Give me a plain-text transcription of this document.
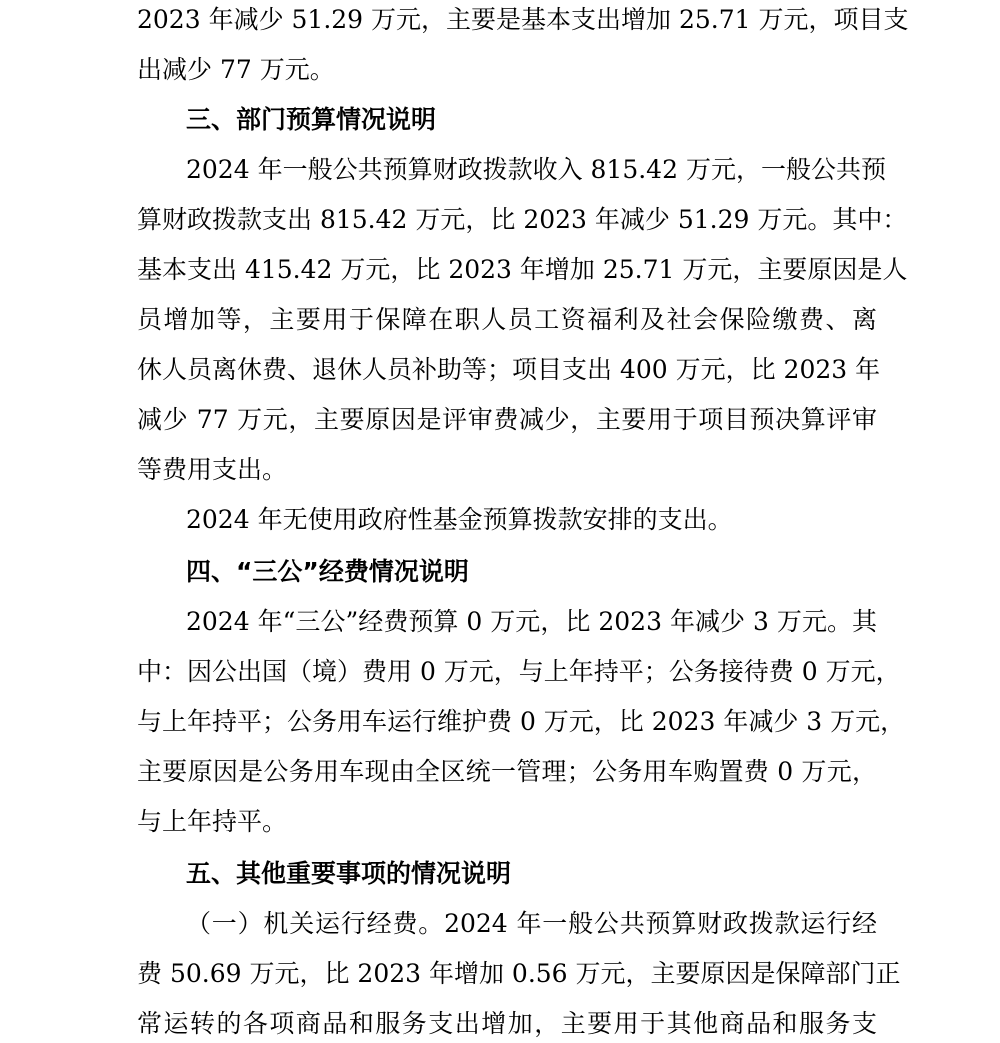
2023 年减少 51.29 万元，主要是基本支出增加 25.71 万元，项目支
出减少 77 万元。
三、部门预算情况说明
2024 年一般公共预算财政拨款收入 815.42 万元，一般公共预
算财政拨款支出 815.42 万元，比 2023 年减少 51.29 万元。其中：
基本支出 415.42 万元，比 2023 年增加 25.71 万元，主要原因是人
员增加等，主要用于保障在职人员工资福利及社会保险缴费、离
休人员离休费、退休人员补助等；项目支出 400 万元，比 2023 年
减少 77 万元，主要原因是评审费减少，主要用于项目预决算评审
等费用支出。
2024 年无使用政府性基金预算拨款安排的支出。
四、“三公”经费情况说明
2024 年“三公”经费预算 0 万元，比 2023 年减少 3 万元。其
中：因公出国（境）费用 0 万元，与上年持平；公务接待费 0 万元，
与上年持平；公务用车运行维护费 0 万元，比 2023 年减少 3 万元，
主要原因是公务用车现由全区统一管理；公务用车购置费 0 万元，
与上年持平。
五、其他重要事项的情况说明
（一）机关运行经费。2024 年一般公共预算财政拨款运行经
费 50.69 万元，比 2023 年增加 0.56 万元，主要原因是保障部门正
常运转的各项商品和服务支出增加，主要用于其他商品和服务支
